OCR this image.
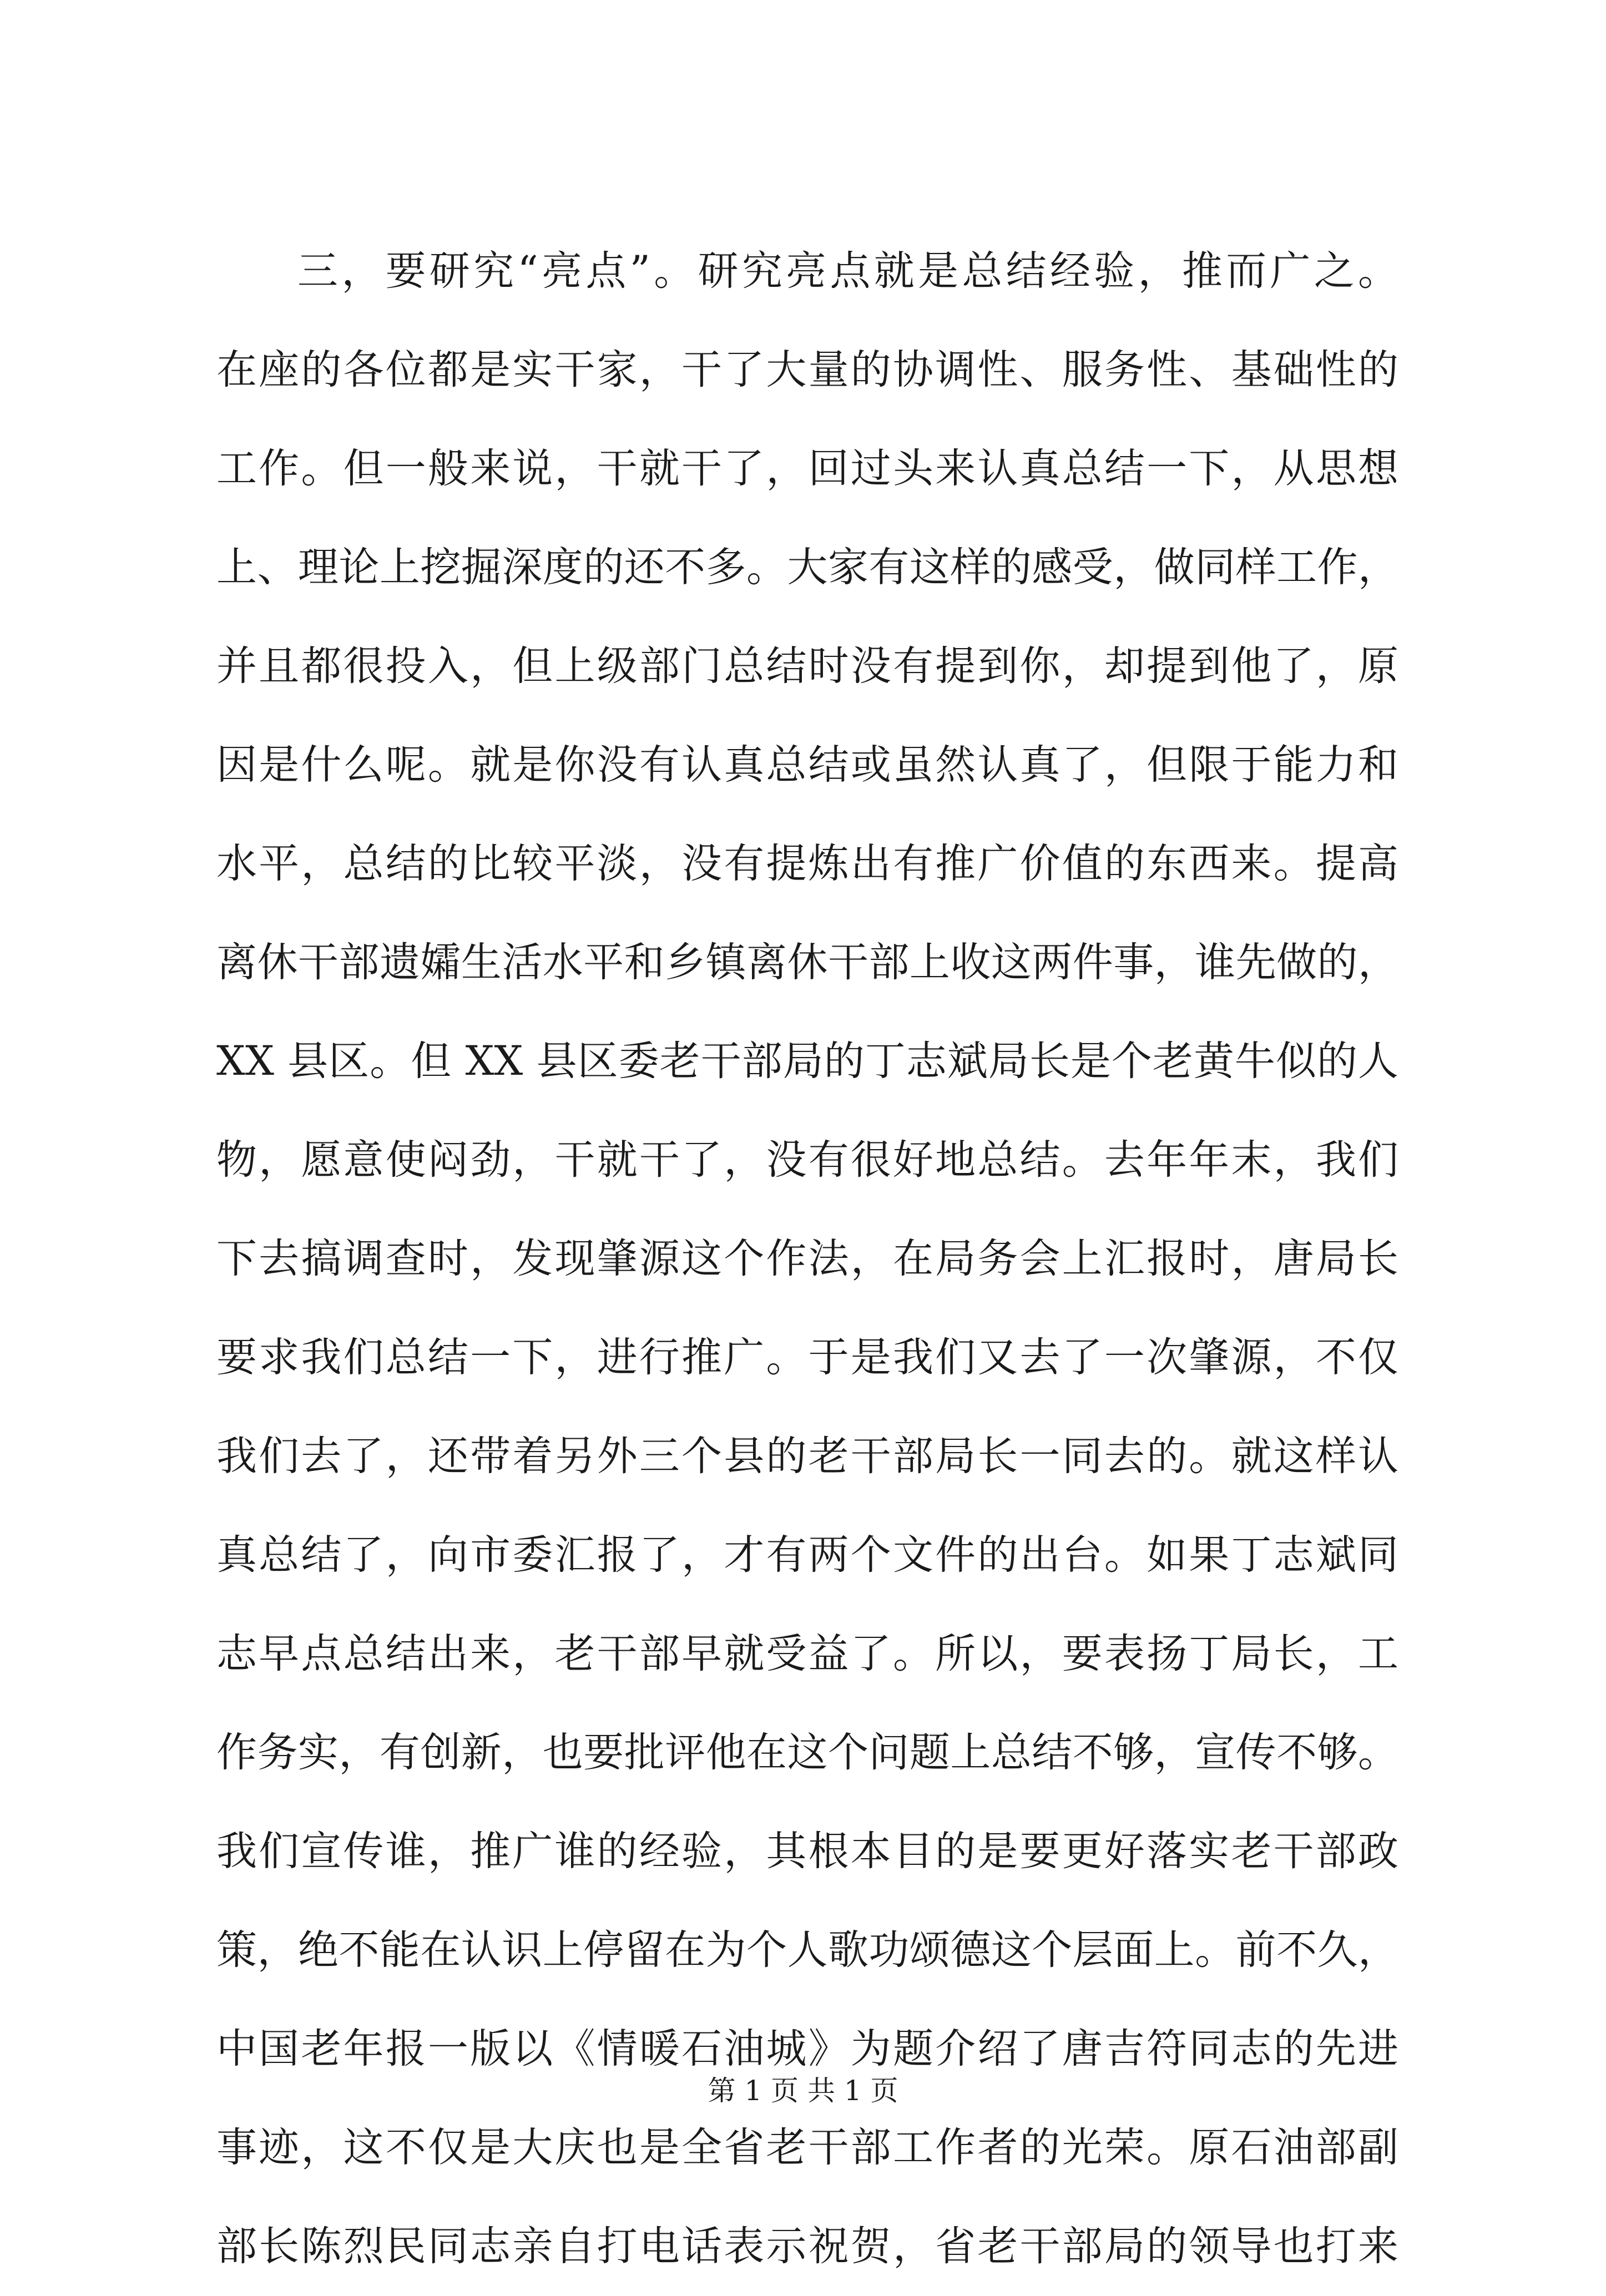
三，要研究“亮点”。研究亮点就是总结经验，推而广之。
在座的各位都是实干家，干了大量的协调性、服务性、基础性的
工作。但一般来说，干就干了，回过头来认真总结一下，从思想
上、理论上挖掘深度的还不多。大家有这样的感受，做同样工作，
并且都很投入，但上级部门总结时没有提到你，却提到他了，原
因是什么呢。就是你没有认真总结或虽然认真了，但限于能力和
水平，总结的比较平淡，没有提炼出有推广价值的东西来。提高
离休干部遗孀生活水平和乡镇离休干部上收这两件事，谁先做的，
XX 县区。但 XX 县区委老干部局的丁志斌局长是个老黄牛似的人
物，愿意使闷劲，干就干了，没有很好地总结。去年年末，我们
下去搞调查时，发现肇源这个作法，在局务会上汇报时，唐局长
要求我们总结一下，进行推广。于是我们又去了一次肇源，不仅
我们去了，还带着另外三个县的老干部局长一同去的。就这样认
真总结了，向市委汇报了，才有两个文件的出台。如果丁志斌同
志早点总结出来，老干部早就受益了。所以，要表扬丁局长，工
作务实，有创新，也要批评他在这个问题上总结不够，宣传不够。
我们宣传谁，推广谁的经验，其根本目的是要更好落实老干部政
策，绝不能在认识上停留在为个人歌功颂德这个层面上。前不久，
中国老年报一版以《情暖石油城》为题介绍了唐吉符同志的先进
事迹，这不仅是大庆也是全省老干部工作者的光荣。原石油部副
部长陈烈民同志亲自打电话表示祝贺，省老干部局的领导也打来
第 1 页 共 1 页
